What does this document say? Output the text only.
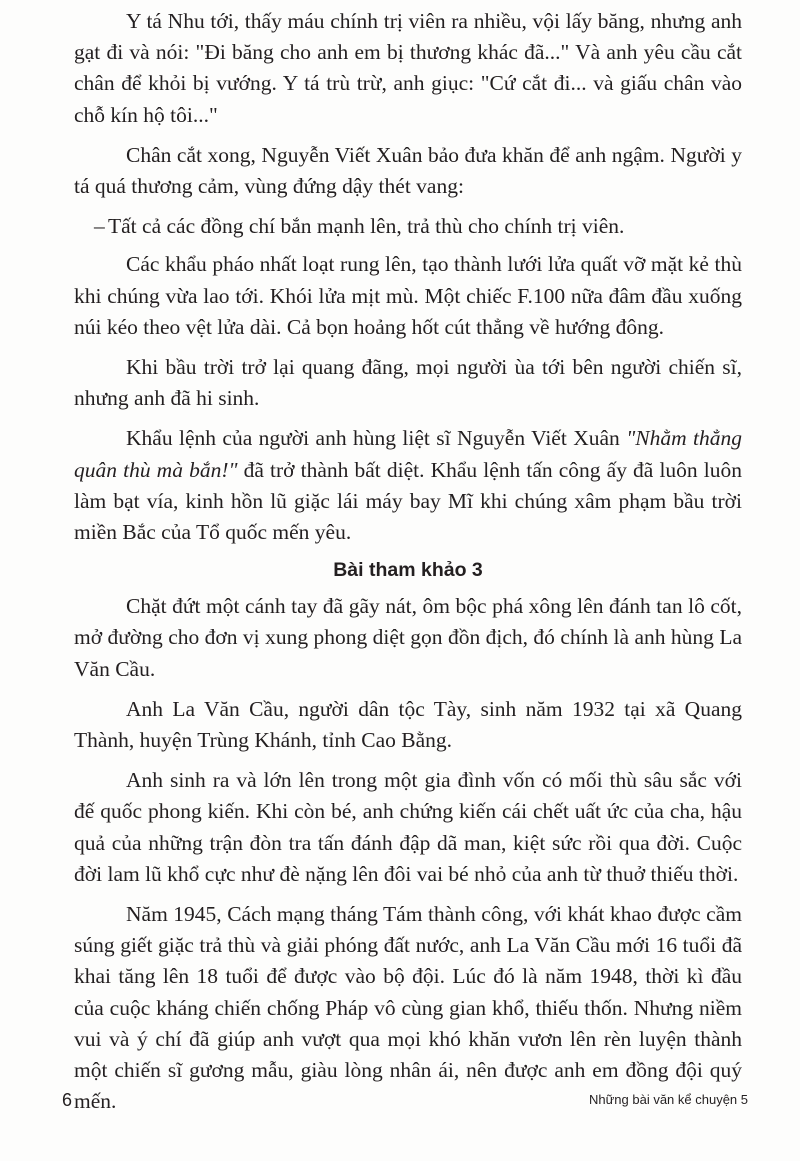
Y tá Nhu tới, thấy máu chính trị viên ra nhiều, vội lấy băng, nhưng anh gạt đi và nói: "Đi băng cho anh em bị thương khác đã..." Và anh yêu cầu cắt chân để khỏi bị vướng. Y tá trù trừ, anh giục: "Cứ cắt đi... và giấu chân vào chỗ kín hộ tôi..."

Chân cắt xong, Nguyễn Viết Xuân bảo đưa khăn để anh ngậm. Người y tá quá thương cảm, vùng đứng dậy thét vang:

– Tất cả các đồng chí bắn mạnh lên, trả thù cho chính trị viên.

Các khẩu pháo nhất loạt rung lên, tạo thành lưới lửa quất vỡ mặt kẻ thù khi chúng vừa lao tới. Khói lửa mịt mù. Một chiếc F.100 nữa đâm đầu xuống núi kéo theo vệt lửa dài. Cả bọn hoảng hốt cút thẳng về hướng đông.

Khi bầu trời trở lại quang đãng, mọi người ùa tới bên người chiến sĩ, nhưng anh đã hi sinh.

Khẩu lệnh của người anh hùng liệt sĩ Nguyễn Viết Xuân "Nhằm thẳng quân thù mà bắn!" đã trở thành bất diệt. Khẩu lệnh tấn công ấy đã luôn luôn làm bạt vía, kinh hồn lũ giặc lái máy bay Mĩ khi chúng xâm phạm bầu trời miền Bắc của Tổ quốc mến yêu.

Bài tham khảo 3

Chặt đứt một cánh tay đã gãy nát, ôm bộc phá xông lên đánh tan lô cốt, mở đường cho đơn vị xung phong diệt gọn đồn địch, đó chính là anh hùng La Văn Cầu.

Anh La Văn Cầu, người dân tộc Tày, sinh năm 1932 tại xã Quang Thành, huyện Trùng Khánh, tỉnh Cao Bằng.

Anh sinh ra và lớn lên trong một gia đình vốn có mối thù sâu sắc với đế quốc phong kiến. Khi còn bé, anh chứng kiến cái chết uất ức của cha, hậu quả của những trận đòn tra tấn đánh đập dã man, kiệt sức rồi qua đời. Cuộc đời lam lũ khổ cực như đè nặng lên đôi vai bé nhỏ của anh từ thuở thiếu thời.

Năm 1945, Cách mạng tháng Tám thành công, với khát khao được cầm súng giết giặc trả thù và giải phóng đất nước, anh La Văn Cầu mới 16 tuổi đã khai tăng lên 18 tuổi để được vào bộ đội. Lúc đó là năm 1948, thời kì đầu của cuộc kháng chiến chống Pháp vô cùng gian khổ, thiếu thốn. Nhưng niềm vui và ý chí đã giúp anh vượt qua mọi khó khăn vươn lên rèn luyện thành một chiến sĩ gương mẫu, giàu lòng nhân ái, nên được anh em đồng đội quý mến.

6	Những bài văn kể chuyện 5
